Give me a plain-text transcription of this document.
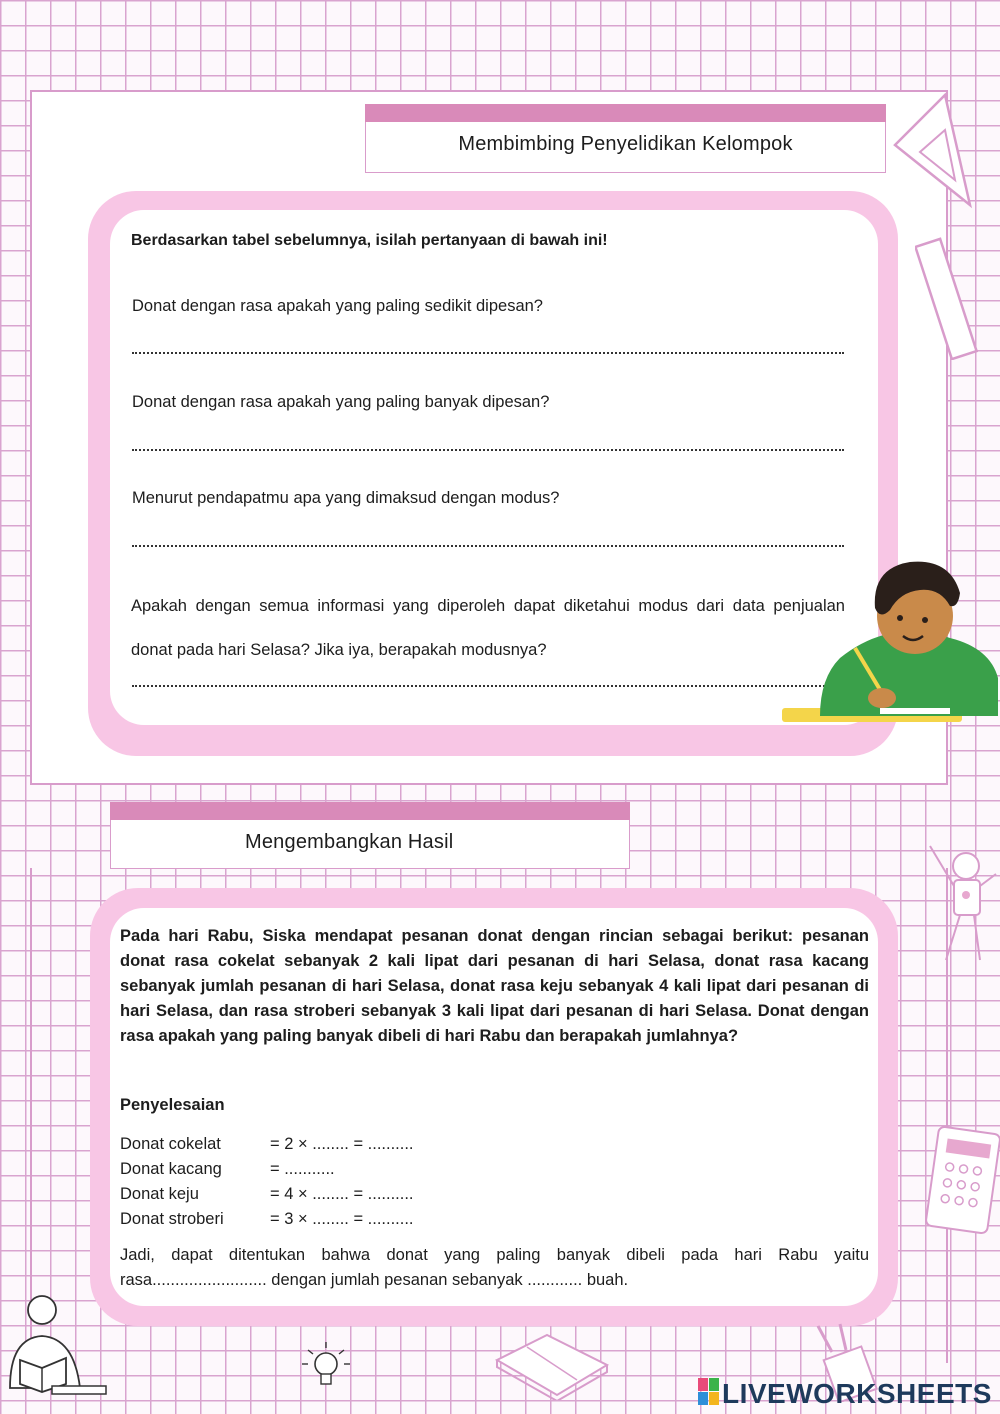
Membimbing Penyelidikan Kelompok
Berdasarkan tabel sebelumnya, isilah pertanyaan di bawah ini!
Donat dengan rasa apakah yang paling sedikit dipesan?
Donat dengan rasa apakah yang paling banyak dipesan?
Menurut pendapatmu apa yang dimaksud dengan modus?
Apakah dengan semua informasi yang diperoleh dapat diketahui modus dari data penjualan donat pada hari Selasa? Jika iya, berapakah modusnya?
Mengembangkan Hasil
Pada hari Rabu, Siska mendapat pesanan donat dengan rincian sebagai berikut: pesanan donat rasa cokelat sebanyak 2 kali lipat dari pesanan di hari Selasa, donat rasa kacang sebanyak jumlah pesanan di hari Selasa, donat rasa keju sebanyak 4 kali lipat dari pesanan di hari Selasa, dan rasa stroberi sebanyak 3 kali lipat dari pesanan di hari Selasa. Donat dengan rasa apakah yang paling banyak dibeli di hari Rabu dan berapakah jumlahnya?
Penyelesaian
Donat cokelat	= 2 × ........ = ..........
Donat kacang	= ...........
Donat keju	= 4 × ........ = ..........
Donat stroberi	= 3 × ........ = ..........
Jadi, dapat ditentukan bahwa donat yang paling banyak dibeli pada hari Rabu yaitu rasa......................... dengan jumlah pesanan sebanyak ............ buah.
LIVEWORKSHEETS
